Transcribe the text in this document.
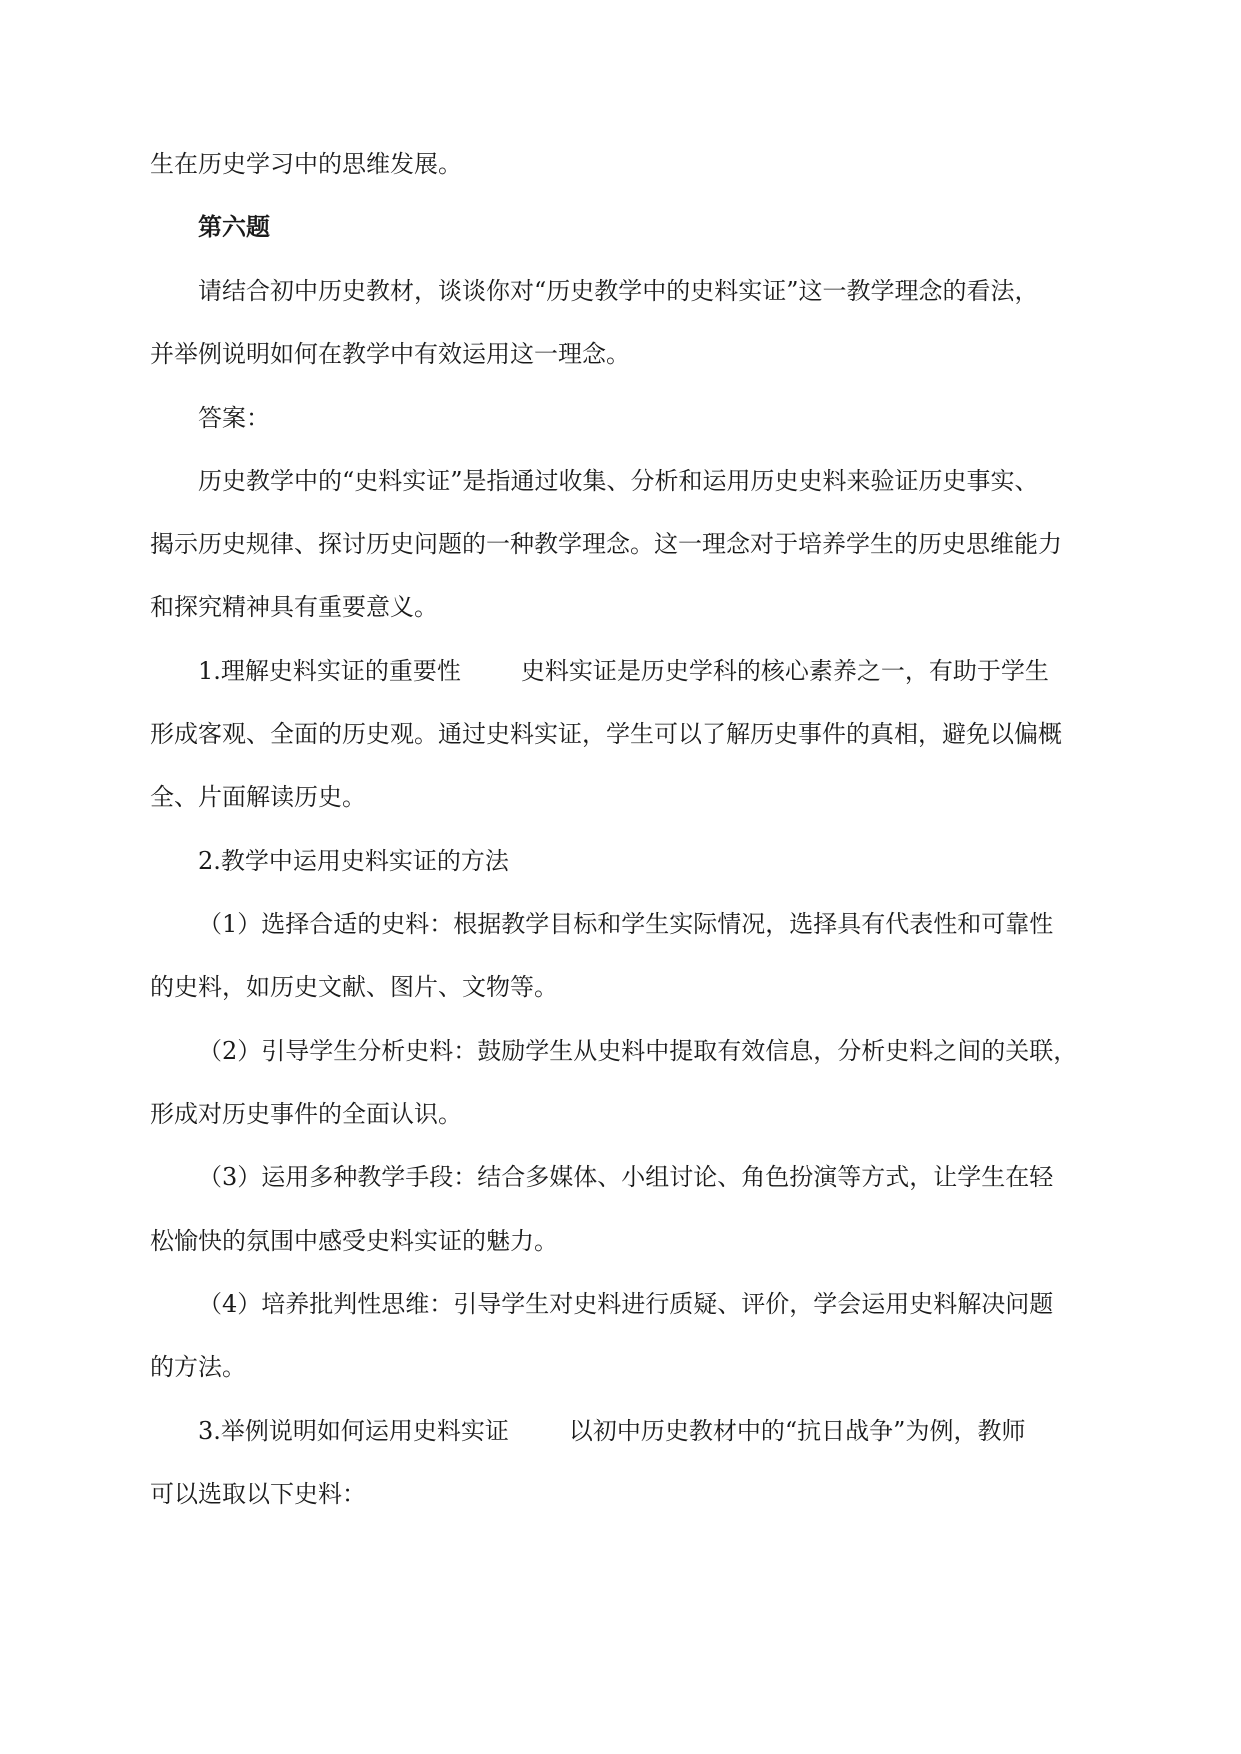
生在历史学习中的思维发展。
第六题
请结合初中历史教材，谈谈你对“历史教学中的史料实证”这一教学理念的看法，
并举例说明如何在教学中有效运用这一理念。
答案：
历史教学中的“史料实证”是指通过收集、分析和运用历史史料来验证历史事实、
揭示历史规律、探讨历史问题的一种教学理念。这一理念对于培养学生的历史思维能力
和探究精神具有重要意义。
1.理解史料实证的重要性	史料实证是历史学科的核心素养之一，有助于学生
形成客观、全面的历史观。通过史料实证，学生可以了解历史事件的真相，避免以偏概
全、片面解读历史。
2.教学中运用史料实证的方法
（1）选择合适的史料：根据教学目标和学生实际情况，选择具有代表性和可靠性
的史料，如历史文献、图片、文物等。
（2）引导学生分析史料：鼓励学生从史料中提取有效信息，分析史料之间的关联，
形成对历史事件的全面认识。
（3）运用多种教学手段：结合多媒体、小组讨论、角色扮演等方式，让学生在轻
松愉快的氛围中感受史料实证的魅力。
（4）培养批判性思维：引导学生对史料进行质疑、评价，学会运用史料解决问题
的方法。
3.举例说明如何运用史料实证	以初中历史教材中的“抗日战争”为例，教师
可以选取以下史料：
